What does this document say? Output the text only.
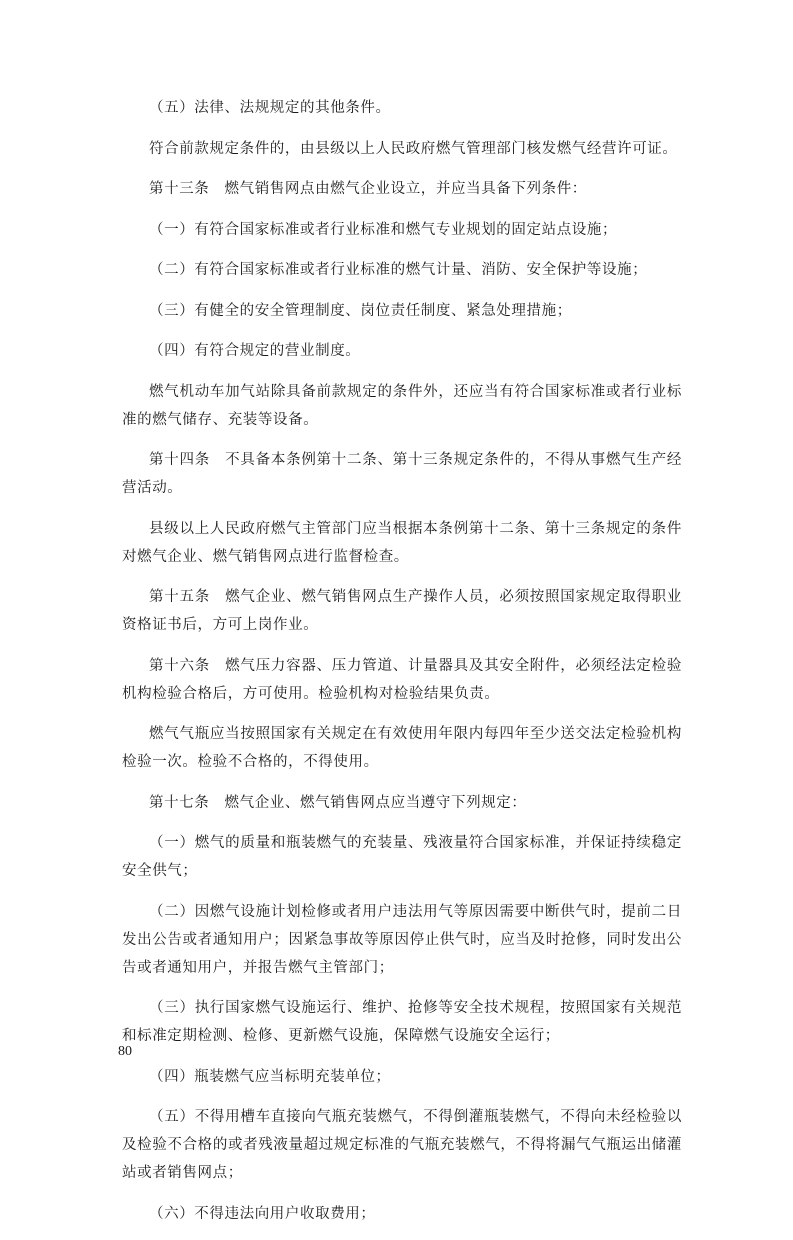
（五）法律、法规规定的其他条件。

符合前款规定条件的，由县级以上人民政府燃气管理部门核发燃气经营许可证。

第十三条　燃气销售网点由燃气企业设立，并应当具备下列条件：

（一）有符合国家标准或者行业标准和燃气专业规划的固定站点设施；

（二）有符合国家标准或者行业标准的燃气计量、消防、安全保护等设施；

（三）有健全的安全管理制度、岗位责任制度、紧急处理措施；

（四）有符合规定的营业制度。

燃气机动车加气站除具备前款规定的条件外，还应当有符合国家标准或者行业标准的燃气储存、充装等设备。

第十四条　不具备本条例第十二条、第十三条规定条件的，不得从事燃气生产经营活动。

县级以上人民政府燃气主管部门应当根据本条例第十二条、第十三条规定的条件对燃气企业、燃气销售网点进行监督检查。

第十五条　燃气企业、燃气销售网点生产操作人员，必须按照国家规定取得职业资格证书后，方可上岗作业。

第十六条　燃气压力容器、压力管道、计量器具及其安全附件，必须经法定检验机构检验合格后，方可使用。检验机构对检验结果负责。

燃气气瓶应当按照国家有关规定在有效使用年限内每四年至少送交法定检验机构检验一次。检验不合格的，不得使用。

第十七条　燃气企业、燃气销售网点应当遵守下列规定：

（一）燃气的质量和瓶装燃气的充装量、残液量符合国家标准，并保证持续稳定安全供气；

（二）因燃气设施计划检修或者用户违法用气等原因需要中断供气时，提前二日发出公告或者通知用户；因紧急事故等原因停止供气时，应当及时抢修，同时发出公告或者通知用户，并报告燃气主管部门；

（三）执行国家燃气设施运行、维护、抢修等安全技术规程，按照国家有关规范和标准定期检测、检修、更新燃气设施，保障燃气设施安全运行；

（四）瓶装燃气应当标明充装单位；

（五）不得用槽车直接向气瓶充装燃气，不得倒灌瓶装燃气，不得向未经检验以及检验不合格的或者残液量超过规定标准的气瓶充装燃气，不得将漏气气瓶运出储灌站或者销售网点；

（六）不得违法向用户收取费用；

80
